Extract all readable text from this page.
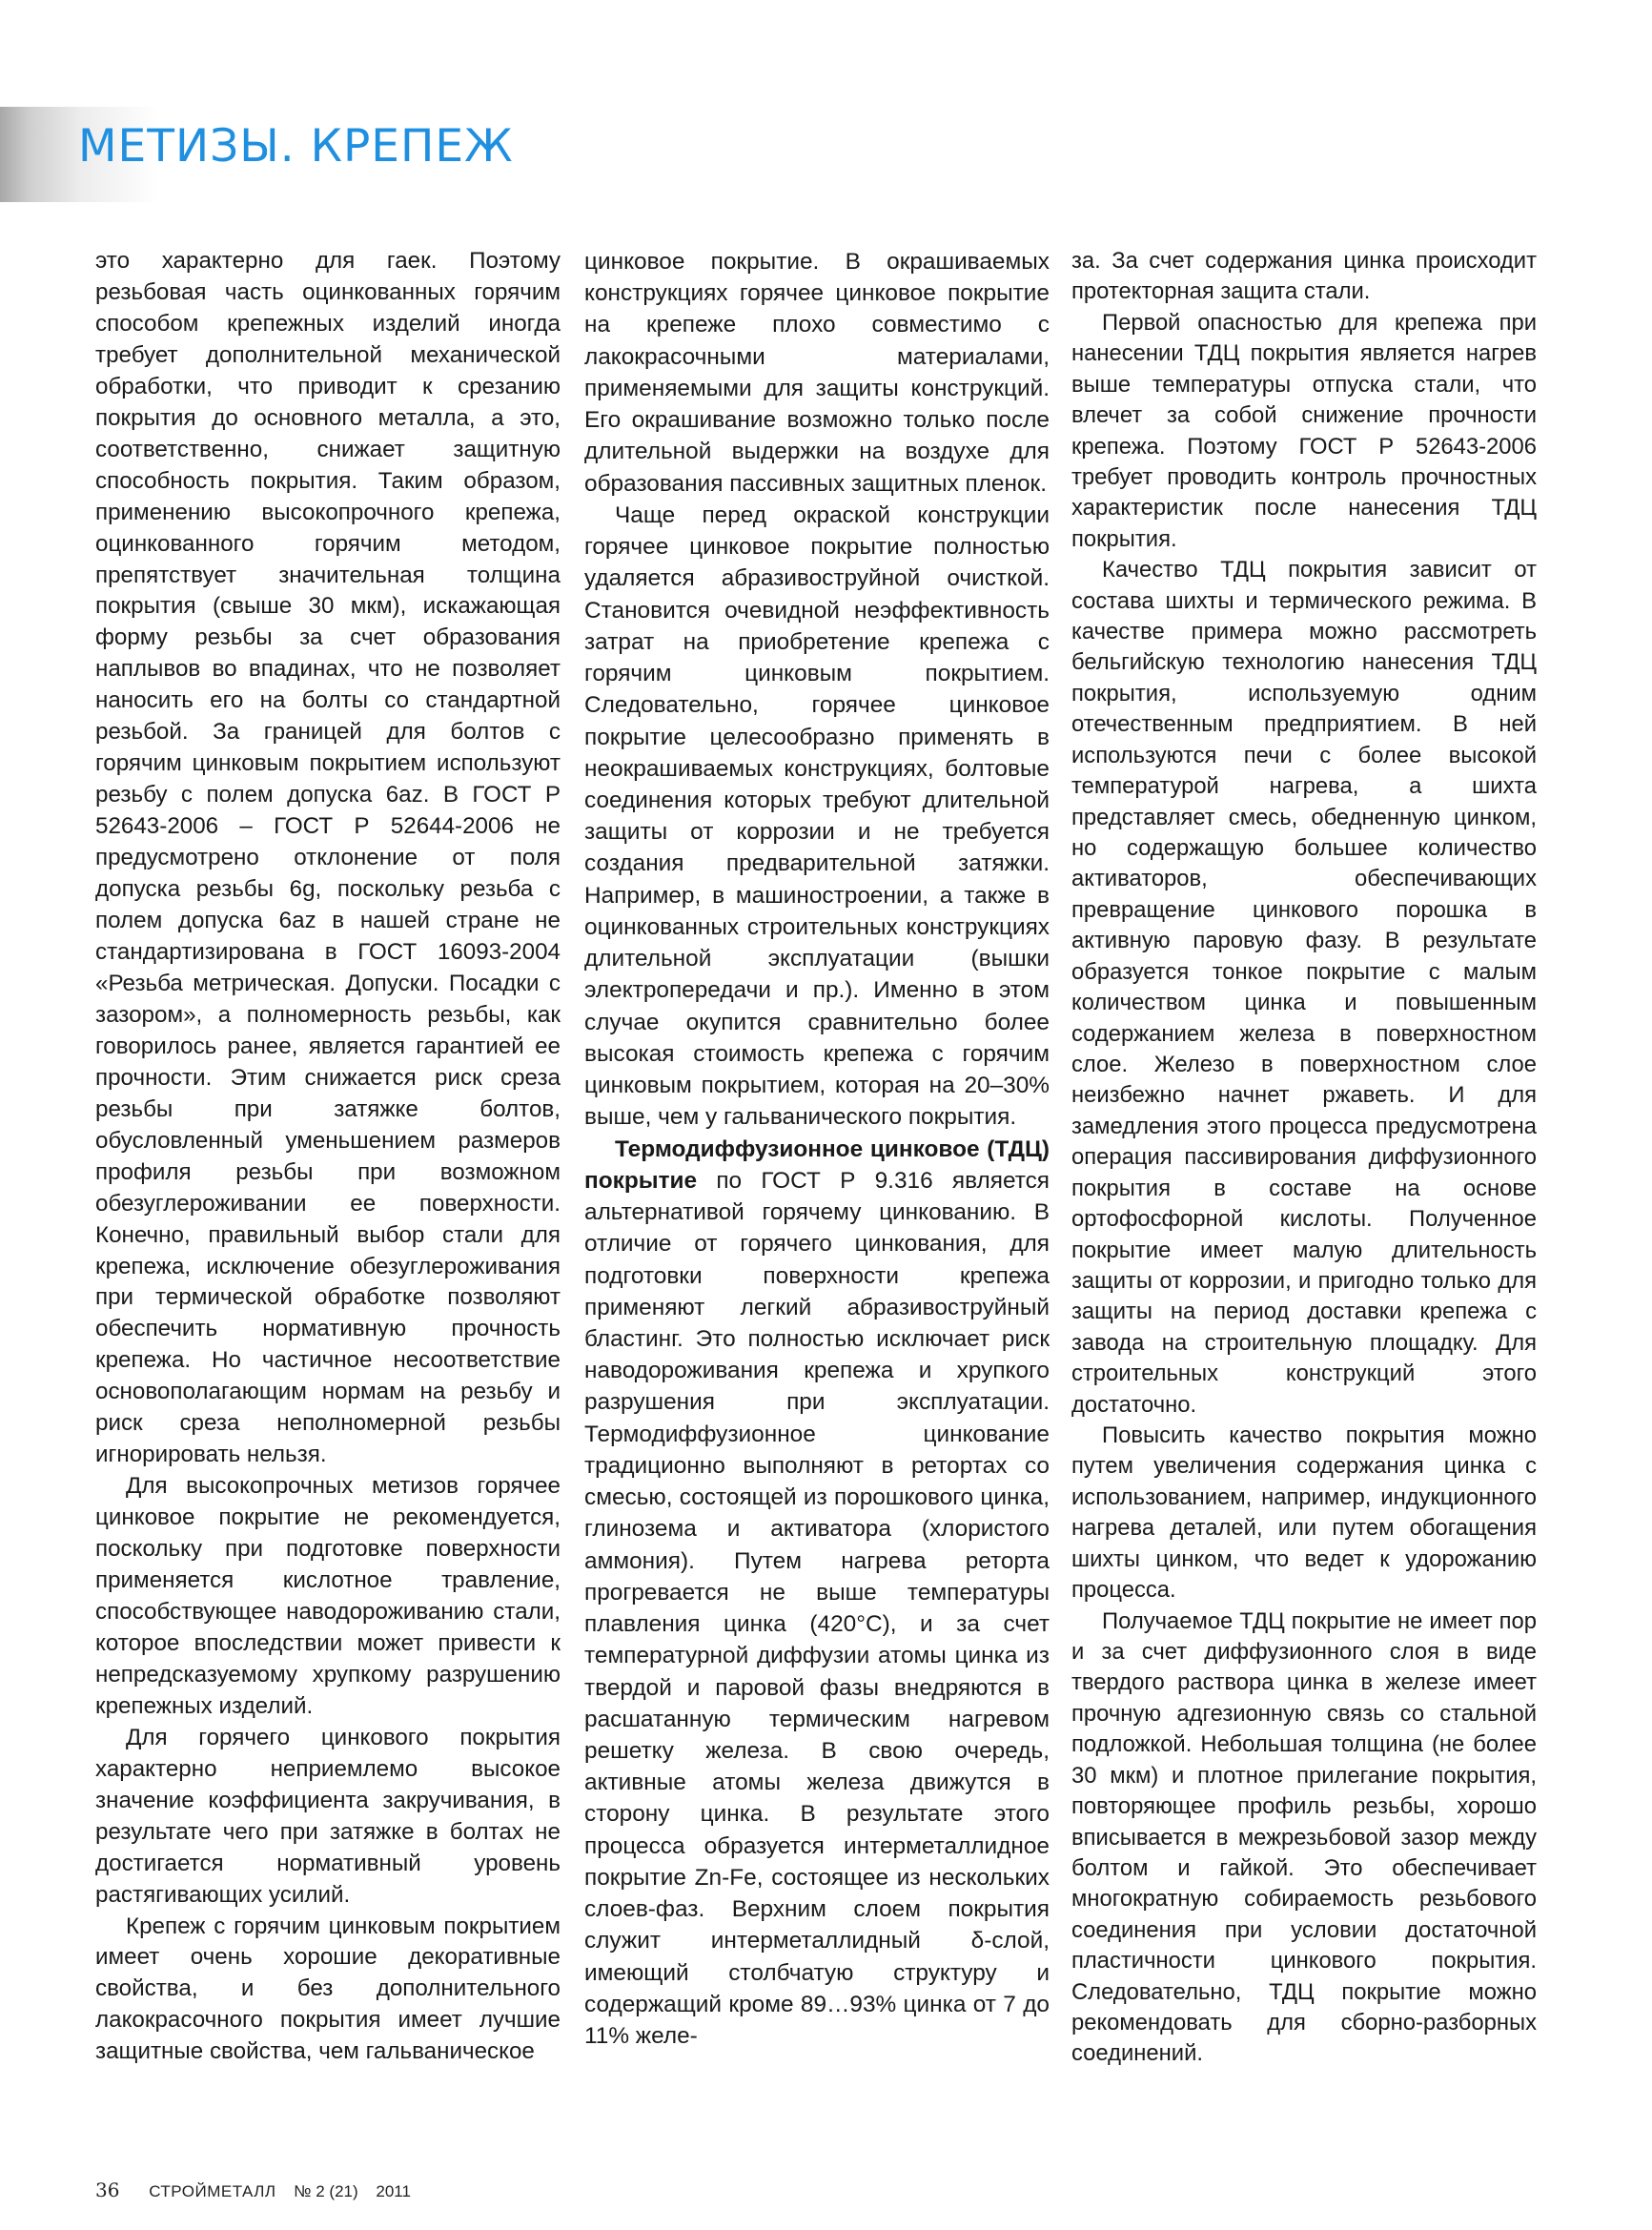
МЕТИЗЫ. КРЕПЕЖ

это характерно для гаек. Поэтому резьбовая часть оцинкованных горячим способом крепежных изделий иногда требует дополнительной механической обработки, что приводит к срезанию покрытия до основного металла, а это, соответственно, снижает защитную способность покрытия. Таким образом, применению высокопрочного крепежа, оцинкованного горячим методом, препятствует значительная толщина покрытия (свыше 30 мкм), искажающая форму резьбы за счет образования наплывов во впадинах, что не позволяет наносить его на болты со стандартной резьбой. За границей для болтов с горячим цинковым покрытием используют резьбу с полем допуска 6az. В ГОСТ Р 52643-2006 – ГОСТ Р 52644-2006 не предусмотрено отклонение от поля допуска резьбы 6g, поскольку резьба с полем допуска 6az в нашей стране не стандартизирована в ГОСТ 16093-2004 «Резьба метрическая. Допуски. Посадки с зазором», а полномерность резьбы, как говорилось ранее, является гарантией ее прочности. Этим снижается риск среза резьбы при затяжке болтов, обусловленный уменьшением размеров профиля резьбы при возможном обезуглероживании ее поверхности. Конечно, правильный выбор стали для крепежа, исключение обезуглероживания при термической обработке позволяют обеспечить нормативную прочность крепежа. Но частичное несоответствие основополагающим нормам на резьбу и риск среза неполномерной резьбы игнорировать нельзя.

Для высокопрочных метизов горячее цинковое покрытие не рекомендуется, поскольку при подготовке поверхности применяется кислотное травление, способствующее наводороживанию стали, которое впоследствии может привести к непредсказуемому хрупкому разрушению крепежных изделий.

Для горячего цинкового покрытия характерно неприемлемо высокое значение коэффициента закручивания, в результате чего при затяжке в болтах не достигается нормативный уровень растягивающих усилий.

Крепеж с горячим цинковым покрытием имеет очень хорошие декоративные свойства, и без дополнительного лакокрасочного покрытия имеет лучшие защитные свойства, чем гальваническое

цинковое покрытие. В окрашиваемых конструкциях горячее цинковое покрытие на крепеже плохо совместимо с лакокрасочными материалами, применяемыми для защиты конструкций. Его окрашивание возможно только после длительной выдержки на воздухе для образования пассивных защитных пленок.

Чаще перед окраской конструкции горячее цинковое покрытие полностью удаляется абразивоструйной очисткой. Становится очевидной неэффективность затрат на приобретение крепежа с горячим цинковым покрытием. Следовательно, горячее цинковое покрытие целесообразно применять в неокрашиваемых конструкциях, болтовые соединения которых требуют длительной защиты от коррозии и не требуется создания предварительной затяжки. Например, в машиностроении, а также в оцинкованных строительных конструкциях длительной эксплуатации (вышки электропередачи и пр.). Именно в этом случае окупится сравнительно более высокая стоимость крепежа с горячим цинковым покрытием, которая на 20–30% выше, чем у гальванического покрытия.

Термодиффузионное цинковое (ТДЦ) покрытие по ГОСТ Р 9.316 является альтернативой горячему цинкованию. В отличие от горячего цинкования, для подготовки поверхности крепежа применяют легкий абразивоструйный бластинг. Это полностью исключает риск наводороживания крепежа и хрупкого разрушения при эксплуатации. Термодиффузионное цинкование традиционно выполняют в ретортах со смесью, состоящей из порошкового цинка, глинозема и активатора (хлористого аммония). Путем нагрева реторта прогревается не выше температуры плавления цинка (420°С), и за счет температурной диффузии атомы цинка из твердой и паровой фазы внедряются в расшатанную термическим нагревом решетку железа. В свою очередь, активные атомы железа движутся в сторону цинка. В результате этого процесса образуется интерметаллидное покрытие Zn-Fe, состоящее из нескольких слоев-фаз. Верхним слоем покрытия служит интерметаллидный δ-слой, имеющий столбчатую структуру и содержащий кроме 89…93% цинка от 7 до 11% желе-

за. За счет содержания цинка происходит протекторная защита стали.

Первой опасностью для крепежа при нанесении ТДЦ покрытия является нагрев выше температуры отпуска стали, что влечет за собой снижение прочности крепежа. Поэтому ГОСТ Р 52643-2006 требует проводить контроль прочностных характеристик после нанесения ТДЦ покрытия.

Качество ТДЦ покрытия зависит от состава шихты и термического режима. В качестве примера можно рассмотреть бельгийскую технологию нанесения ТДЦ покрытия, используемую одним отечественным предприятием. В ней используются печи с более высокой температурой нагрева, а шихта представляет смесь, обедненную цинком, но содержащую большее количество активаторов, обеспечивающих превращение цинкового порошка в активную паровую фазу. В результате образуется тонкое покрытие с малым количеством цинка и повышенным содержанием железа в поверхностном слое. Железо в поверхностном слое неизбежно начнет ржаветь. И для замедления этого процесса предусмотрена операция пассивирования диффузионного покрытия в составе на основе ортофосфорной кислоты. Полученное покрытие имеет малую длительность защиты от коррозии, и пригодно только для защиты на период доставки крепежа с завода на строительную площадку. Для строительных конструкций этого достаточно.

Повысить качество покрытия можно путем увеличения содержания цинка с использованием, например, индукционного нагрева деталей, или путем обогащения шихты цинком, что ведет к удорожанию процесса.

Получаемое ТДЦ покрытие не имеет пор и за счет диффузионного слоя в виде твердого раствора цинка в железе имеет прочную адгезионную связь со стальной подложкой. Небольшая толщина (не более 30 мкм) и плотное прилегание покрытия, повторяющее профиль резьбы, хорошо вписывается в межрезьбовой зазор между болтом и гайкой. Это обеспечивает многократную собираемость резьбового соединения при условии достаточной пластичности цинкового покрытия. Следовательно, ТДЦ покрытие можно рекомендовать для сборно-разборных соединений.

36 СТРОЙМЕТАЛЛ № 2 (21) 2011
